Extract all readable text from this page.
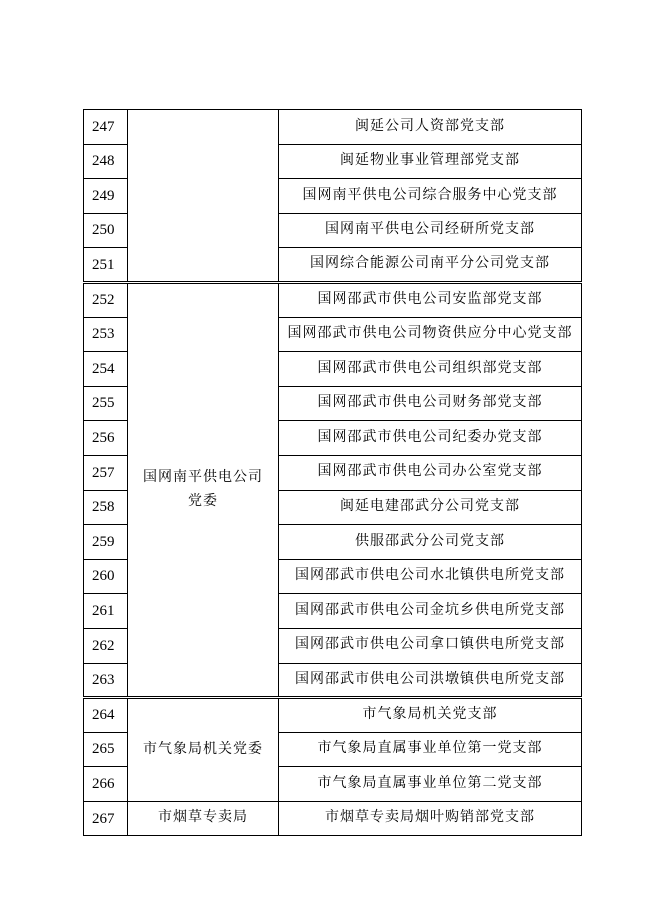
247		闽延公司人资部党支部
248		闽延物业事业管理部党支部
249		国网南平供电公司综合服务中心党支部
250		国网南平供电公司经研所党支部
251		国网综合能源公司南平分公司党支部
252	国网南平供电公司党委	国网邵武市供电公司安监部党支部
253		国网邵武市供电公司物资供应分中心党支部
254		国网邵武市供电公司组织部党支部
255		国网邵武市供电公司财务部党支部
256		国网邵武市供电公司纪委办党支部
257		国网邵武市供电公司办公室党支部
258		闽延电建邵武分公司党支部
259		供服邵武分公司党支部
260		国网邵武市供电公司水北镇供电所党支部
261		国网邵武市供电公司金坑乡供电所党支部
262		国网邵武市供电公司拿口镇供电所党支部
263		国网邵武市供电公司洪墩镇供电所党支部
264	市气象局机关党委	市气象局机关党支部
265		市气象局直属事业单位第一党支部
266		市气象局直属事业单位第二党支部
267	市烟草专卖局	市烟草专卖局烟叶购销部党支部
